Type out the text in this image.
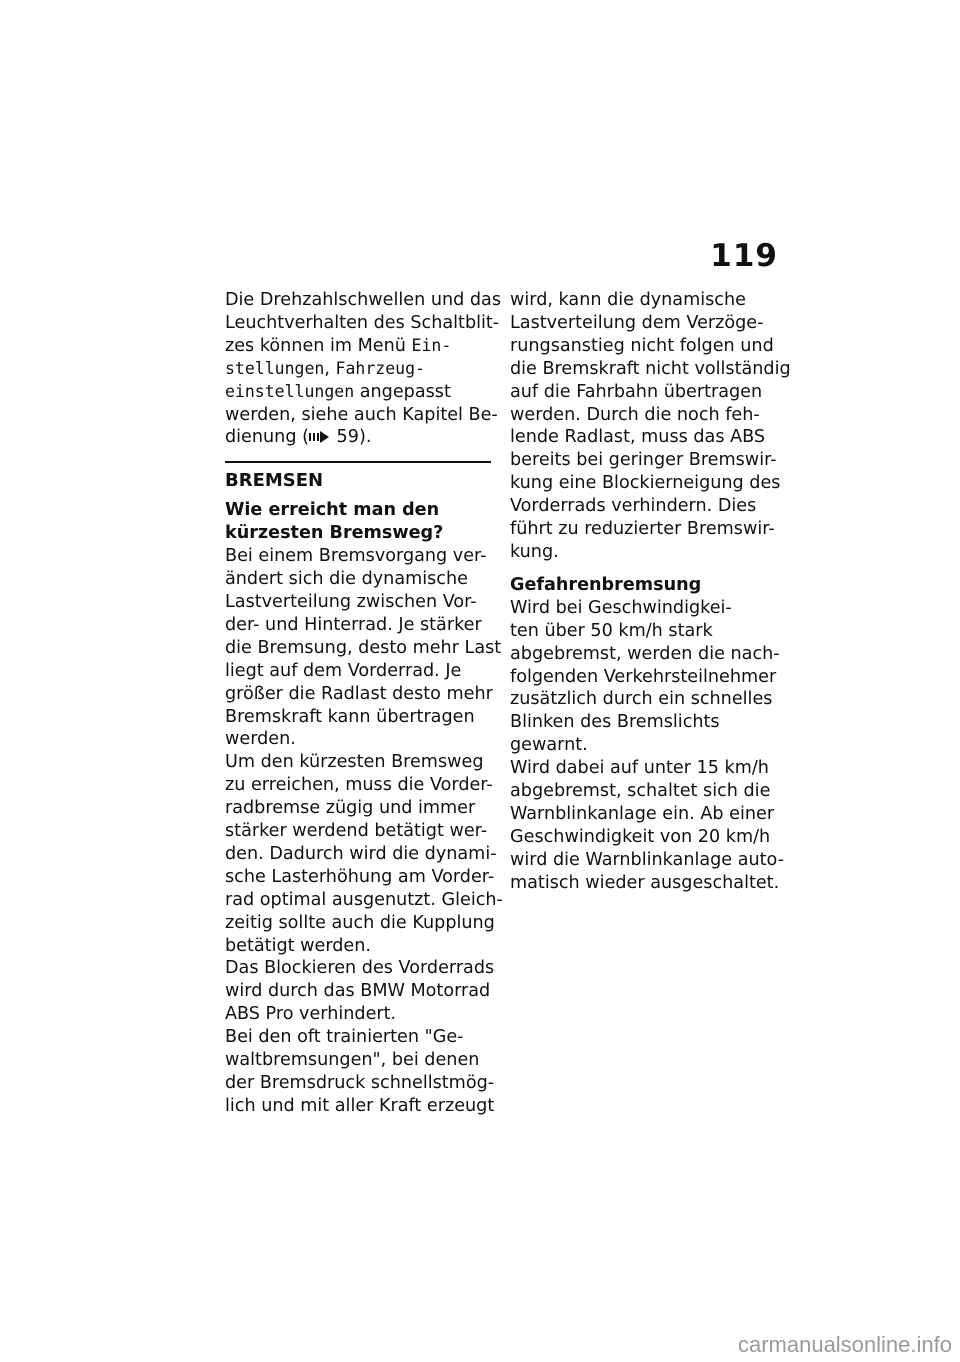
119
Die Drehzahlschwellen und das
Leuchtverhalten des Schaltblit-
zes können im Menü Ein-
stellungen, Fahrzeug-
einstellungen angepasst
werden, siehe auch Kapitel Be-
dienung ( 59).
BREMSEN
Wie erreicht man den
kürzesten Bremsweg?
Bei einem Bremsvorgang ver-
ändert sich die dynamische
Lastverteilung zwischen Vor-
der- und Hinterrad. Je stärker
die Bremsung, desto mehr Last
liegt auf dem Vorderrad. Je
größer die Radlast desto mehr
Bremskraft kann übertragen
werden.
Um den kürzesten Bremsweg
zu erreichen, muss die Vorder-
radbremse zügig und immer
stärker werdend betätigt wer-
den. Dadurch wird die dynami-
sche Lasterhöhung am Vorder-
rad optimal ausgenutzt. Gleich-
zeitig sollte auch die Kupplung
betätigt werden.
Das Blockieren des Vorderrads
wird durch das BMW Motorrad
ABS Pro verhindert.
Bei den oft trainierten "Ge-
waltbremsungen", bei denen
der Bremsdruck schnellstmög-
lich und mit aller Kraft erzeugt
wird, kann die dynamische
Lastverteilung dem Verzöge-
rungsanstieg nicht folgen und
die Bremskraft nicht vollständig
auf die Fahrbahn übertragen
werden. Durch die noch feh-
lende Radlast, muss das ABS
bereits bei geringer Bremswir-
kung eine Blockierneigung des
Vorderrads verhindern. Dies
führt zu reduzierter Bremswir-
kung.
Gefahrenbremsung
Wird bei Geschwindigkei-
ten über 50 km/h stark
abgebremst, werden die nach-
folgenden Verkehrsteilnehmer
zusätzlich durch ein schnelles
Blinken des Bremslichts
gewarnt.
Wird dabei auf unter 15 km/h
abgebremst, schaltet sich die
Warnblinkanlage ein. Ab einer
Geschwindigkeit von 20 km/h
wird die Warnblinkanlage auto-
matisch wieder ausgeschaltet.
carmanualsonline.info
